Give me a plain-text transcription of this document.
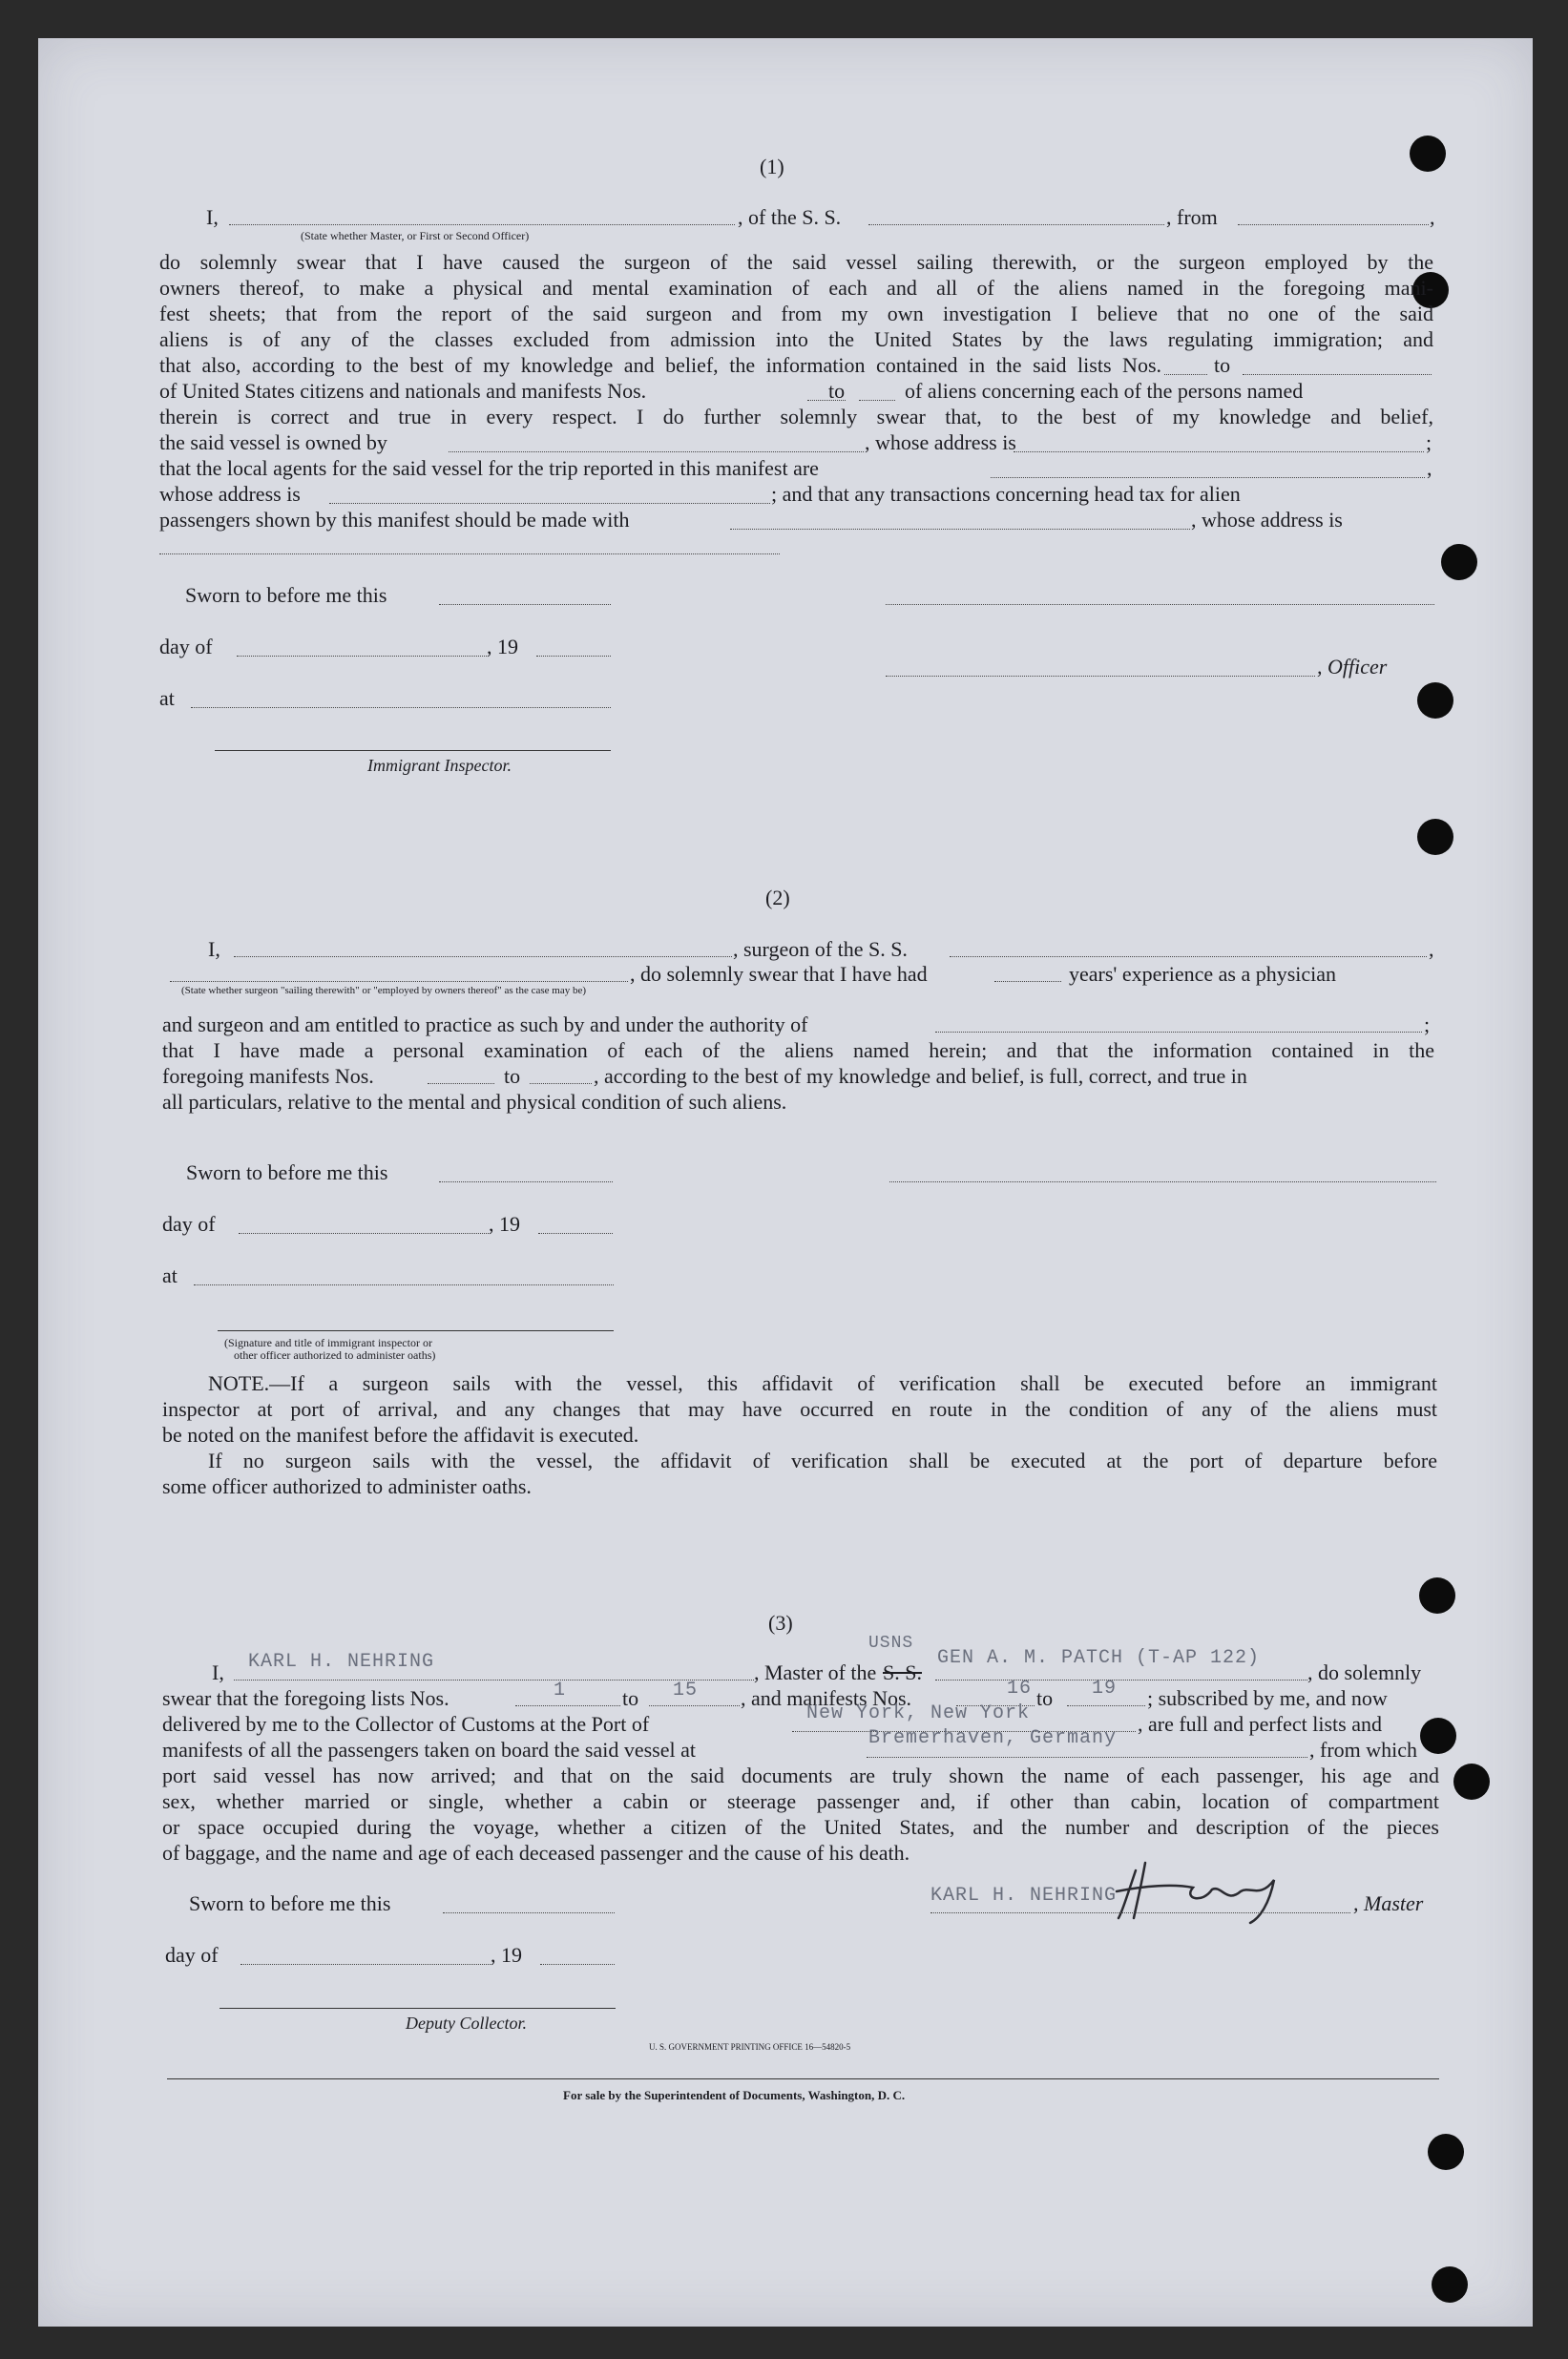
(1)
I,	, of the S. S.	, from	,
(State whether Master, or First or Second Officer)
do solemnly swear that I have caused the surgeon of the said vessel sailing therewith, or the surgeon employed by the
owners thereof, to make a physical and mental examination of each and all of the aliens named in the foregoing mani-
fest sheets; that from the report of the said surgeon and from my own investigation I believe that no one of the said
aliens is of any of the classes excluded from admission into the United States by the laws regulating immigration; and
that also, according to the best of my knowledge and belief, the information contained in the said lists Nos.	to
of United States citizens and nationals and manifests Nos.	to	of aliens concerning each of the persons named
therein is correct and true in every respect. I do further solemnly swear that, to the best of my knowledge and belief,
the said vessel is owned by	, whose address is	;
that the local agents for the said vessel for the trip reported in this manifest are	,
whose address is	; and that any transactions concerning head tax for alien
passengers shown by this manifest should be made with	, whose address is
Sworn to before me this
day of	, 19
, Officer
at
Immigrant Inspector.
(2)
I,	, surgeon of the S. S.	,
, do solemnly swear that I have had	years' experience as a physician
(State whether surgeon "sailing therewith" or "employed by owners thereof" as the case may be)
and surgeon and am entitled to practice as such by and under the authority of	;
that I have made a personal examination of each of the aliens named herein; and that the information contained in the
foregoing manifests Nos.	to	, according to the best of my knowledge and belief, is full, correct, and true in
all particulars, relative to the mental and physical condition of such aliens.
Sworn to before me this
day of	, 19
at
(Signature and title of immigrant inspector or
other officer authorized to administer oaths)
NOTE.—If a surgeon sails with the vessel, this affidavit of verification shall be executed before an immigrant
inspector at port of arrival, and any changes that may have occurred en route in the condition of any of the aliens must
be noted on the manifest before the affidavit is executed.
If no surgeon sails with the vessel, the affidavit of verification shall be executed at the port of departure before
some officer authorized to administer oaths.
(3)
I, KARL H. NEHRING	, Master of the S. S.
USNS
GEN A. M. PATCH (T-AP 122)
, do solemnly
swear that the foregoing lists Nos.	1	to 15 , and manifests Nos.	16 to 19 ; subscribed by me, and now
delivered by me to the Collector of Customs at the Port of	New York, New York	, are full and perfect lists and
manifests of all the passengers taken on board the said vessel at	Bremerhaven, Germany	, from which
port said vessel has now arrived; and that on the said documents are truly shown the name of each passenger, his age and
sex, whether married or single, whether a cabin or steerage passenger and, if other than cabin, location of compartment
or space occupied during the voyage, whether a citizen of the United States, and the number and description of the pieces
of baggage, and the name and age of each deceased passenger and the cause of his death.
Sworn to before me this	KARL H. NEHRING	, Master
day of	, 19
Deputy Collector.
U. S. GOVERNMENT PRINTING OFFICE 16—54820-5
For sale by the Superintendent of Documents, Washington, D. C.
